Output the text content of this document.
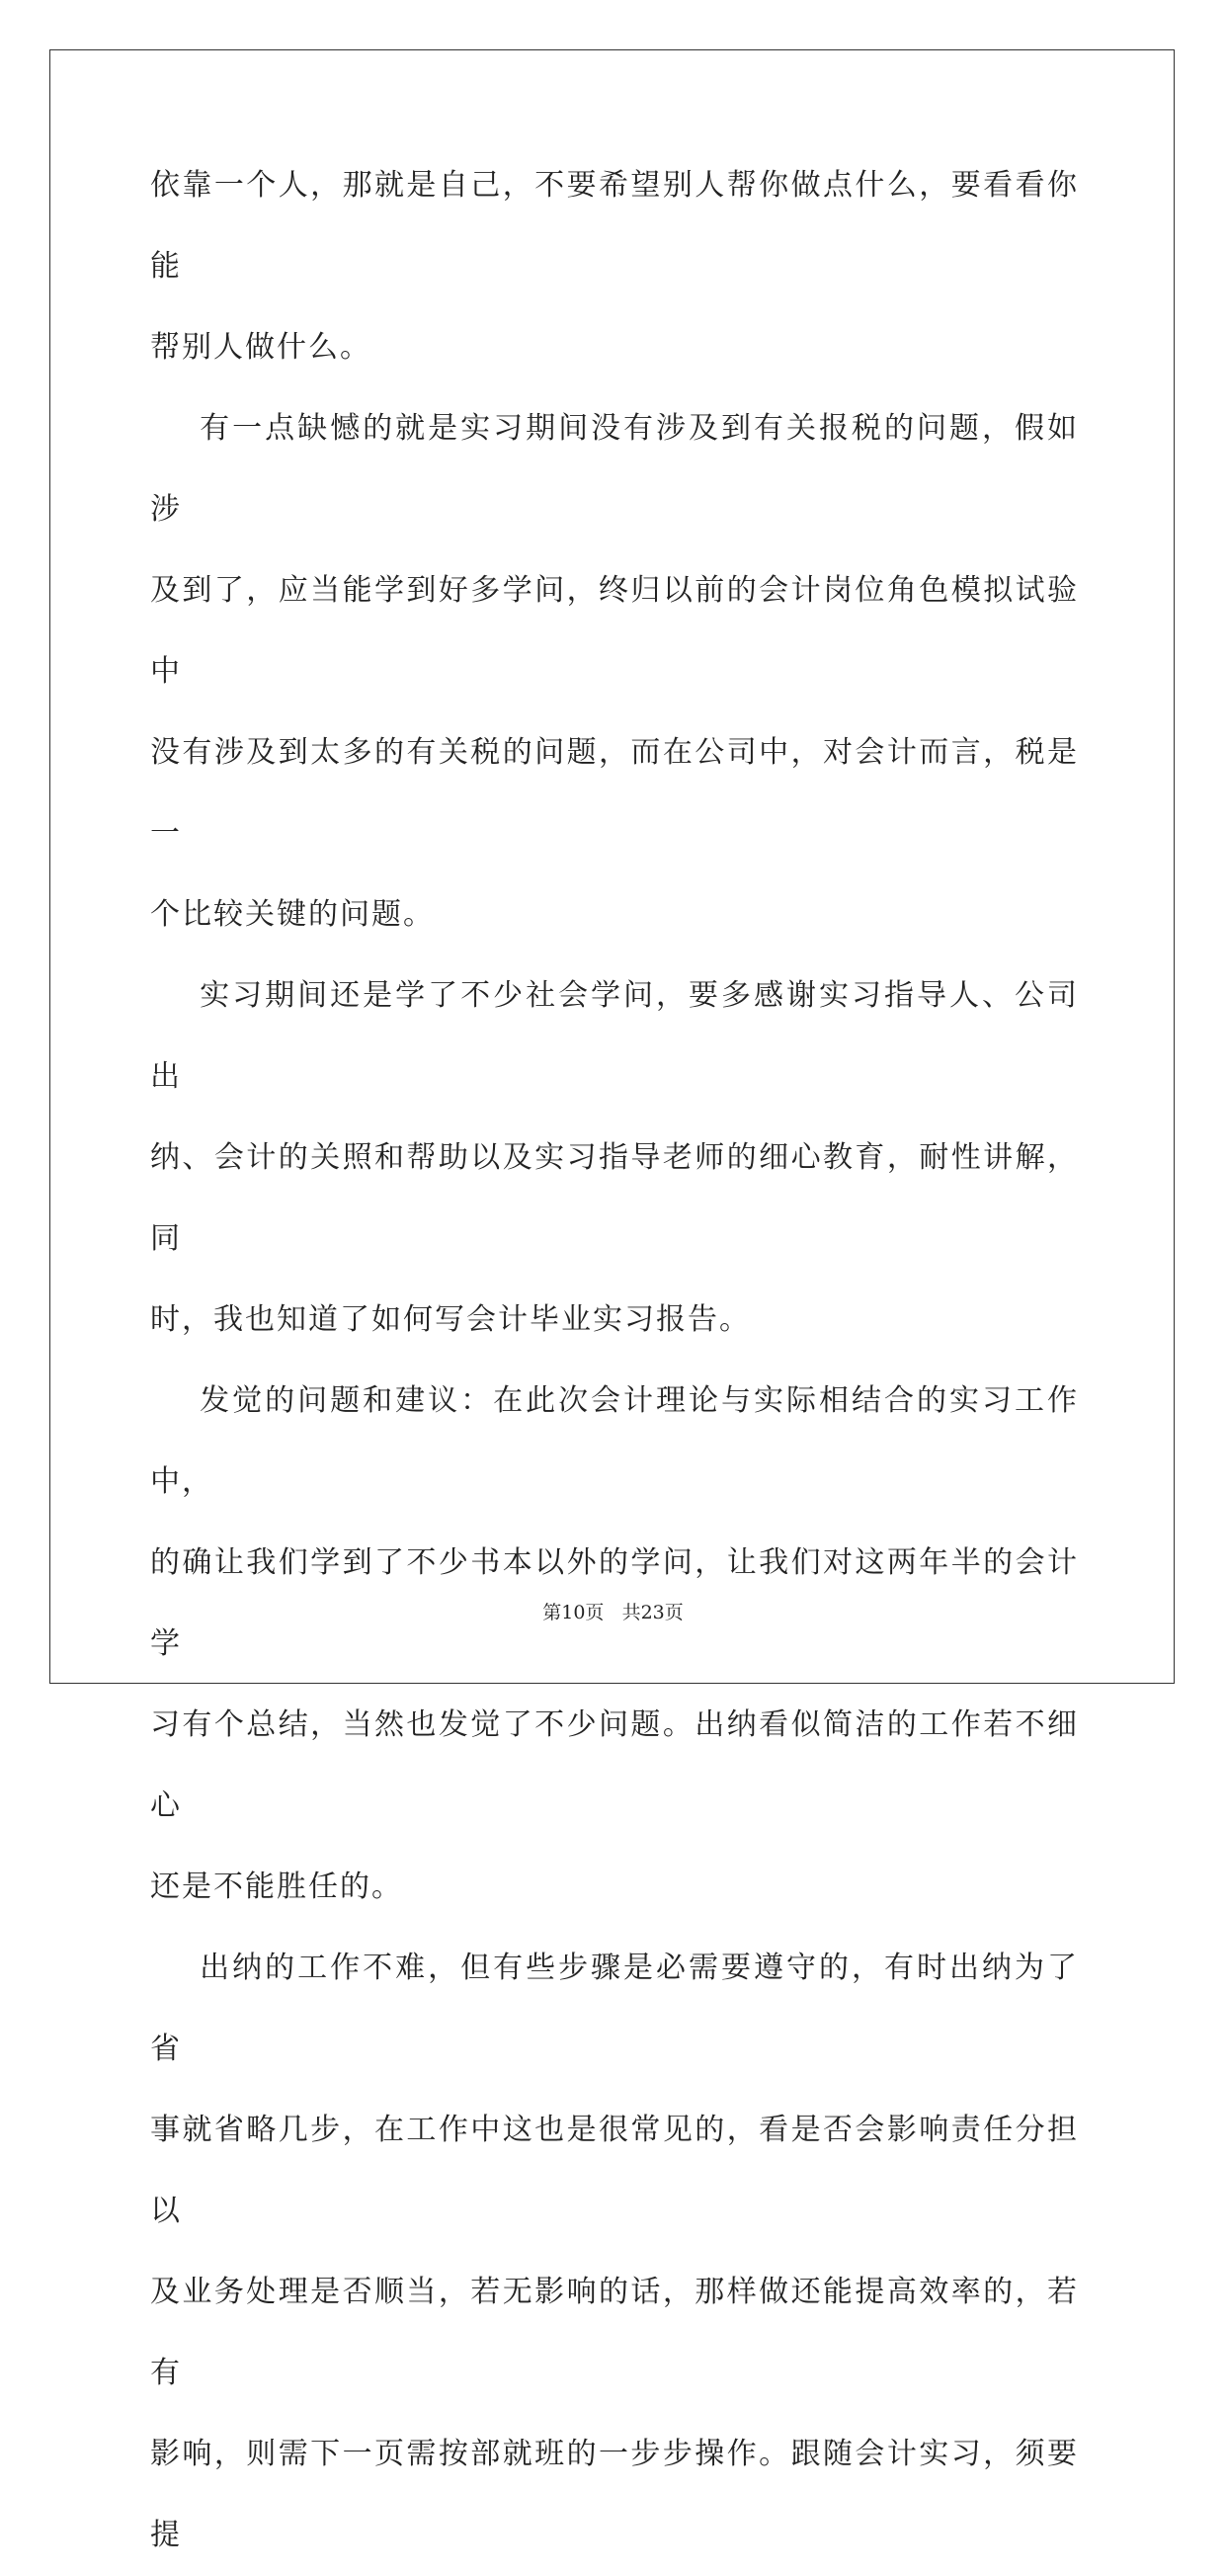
依靠一个人，那就是自己，不要希望别人帮你做点什么，要看看你能

帮别人做什么。

有一点缺憾的就是实习期间没有涉及到有关报税的问题，假如涉

及到了，应当能学到好多学问，终归以前的会计岗位角色模拟试验中

没有涉及到太多的有关税的问题，而在公司中，对会计而言，税是一

个比较关键的问题。

实习期间还是学了不少社会学问，要多感谢实习指导人、公司出

纳、会计的关照和帮助以及实习指导老师的细心教育，耐性讲解，同

时，我也知道了如何写会计毕业实习报告。

发觉的问题和建议：在此次会计理论与实际相结合的实习工作中，

的确让我们学到了不少书本以外的学问，让我们对这两年半的会计学

习有个总结，当然也发觉了不少问题。出纳看似简洁的工作若不细心

还是不能胜任的。

出纳的工作不难，但有些步骤是必需要遵守的，有时出纳为了省

事就省略几步，在工作中这也是很常见的，看是否会影响责任分担以

及业务处理是否顺当，若无影响的话，那样做还能提高效率的，若有

影响，则需下一页需按部就班的一步步操作。跟随会计实习，须要提

第10页 共23页
